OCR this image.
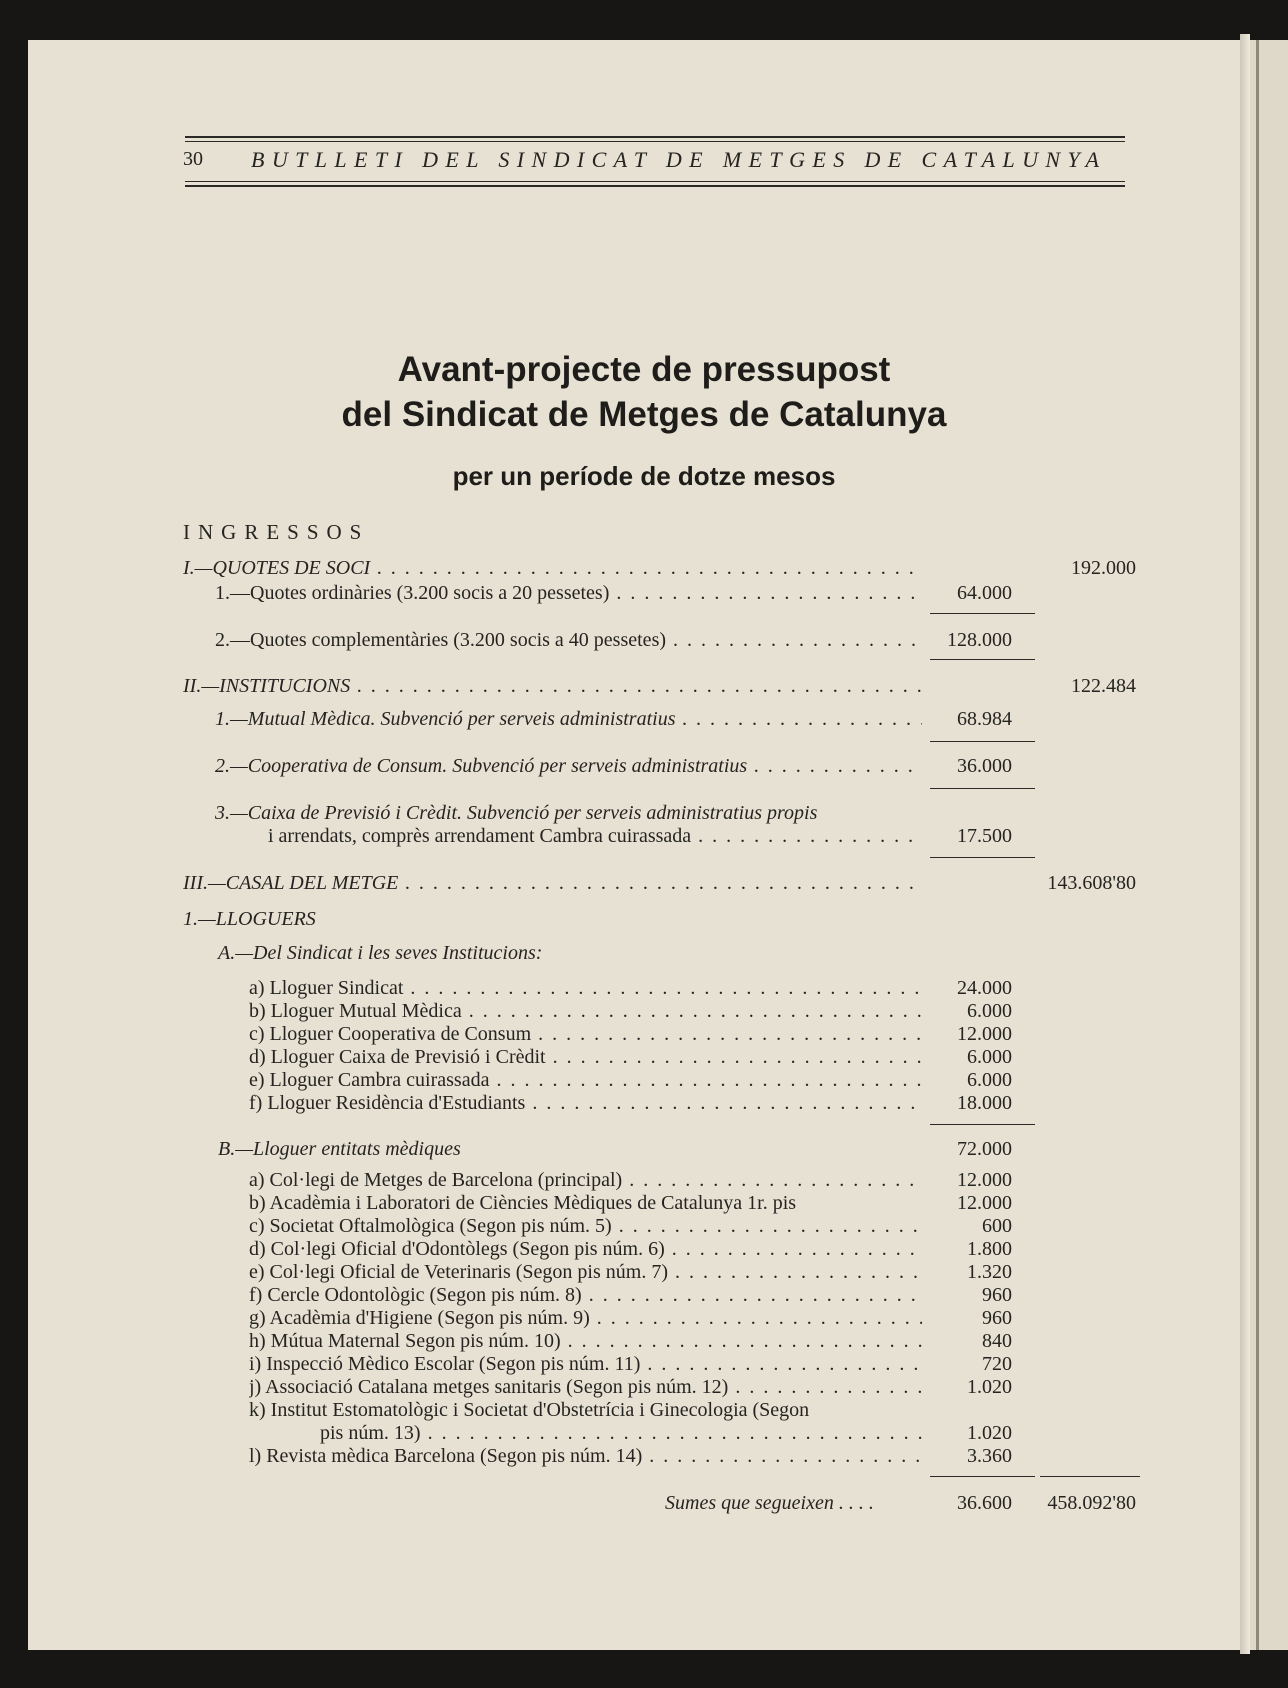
30 BUTLLETI DEL SINDICAT DE METGES DE CATALUNYA
Avant-projecte de pressupost
del Sindicat de Metges de Catalunya
per un període de dotze mesos
INGRESSOS
I.—QUOTES DE SOCI . . .	192.000
1.—Quotes ordinàries (3.200 socis a 20 pessetes) . . .	64.000
2.—Quotes complementàries (3.200 socis a 40 pessetes) . . .	128.000
II.—INSTITUCIONS . . .	122.484
1.—Mutual Mèdica. Subvenció per serveis administratius . . .	68.984
2.—Cooperativa de Consum. Subvenció per serveis administratius . . .	36.000
3.—Caixa de Previsió i Crèdit. Subvenció per serveis administratius propis
i arrendats, comprès arrendament Cambra cuirassada . . .	17.500
III.—CASAL DEL METGE . . .	143.608'80
1.—LLOGUERS
A.—Del Sindicat i les seves Institucions:
a) Lloguer Sindicat . . .	24.000
b) Lloguer Mutual Mèdica . . .	6.000
c) Lloguer Cooperativa de Consum . . .	12.000
d) Lloguer Caixa de Previsió i Crèdit . . .	6.000
e) Lloguer Cambra cuirassada . . .	6.000
f) Lloguer Residència d'Estudiants . . .	18.000
B.—Lloguer entitats mèdiques	72.000
a) Col·legi de Metges de Barcelona (principal) . . .	12.000
b) Acadèmia i Laboratori de Ciències Mèdiques de Catalunya 1r. pis	12.000
c) Societat Oftalmològica (Segon pis núm. 5) . . .	600
d) Col·legi Oficial d'Odontòlegs (Segon pis núm. 6) . . .	1.800
e) Col·legi Oficial de Veterinaris (Segon pis núm. 7) . . .	1.320
f) Cercle Odontològic (Segon pis núm. 8) . . .	960
g) Acadèmia d'Higiene (Segon pis núm. 9) . . .	960
h) Mútua Maternal Segon pis núm. 10) . . .	840
i) Inspecció Mèdico Escolar (Segon pis núm. 11) . . .	720
j) Associació Catalana metges sanitaris (Segon pis núm. 12) . . .	1.020
k) Institut Estomatològic i Societat d'Obstetrícia i Ginecologia (Segon
pis núm. 13) . . .	1.020
l) Revista mèdica Barcelona (Segon pis núm. 14) . . .	3.360
Sumes que segueixen . . . .	36.600	458.092'80
